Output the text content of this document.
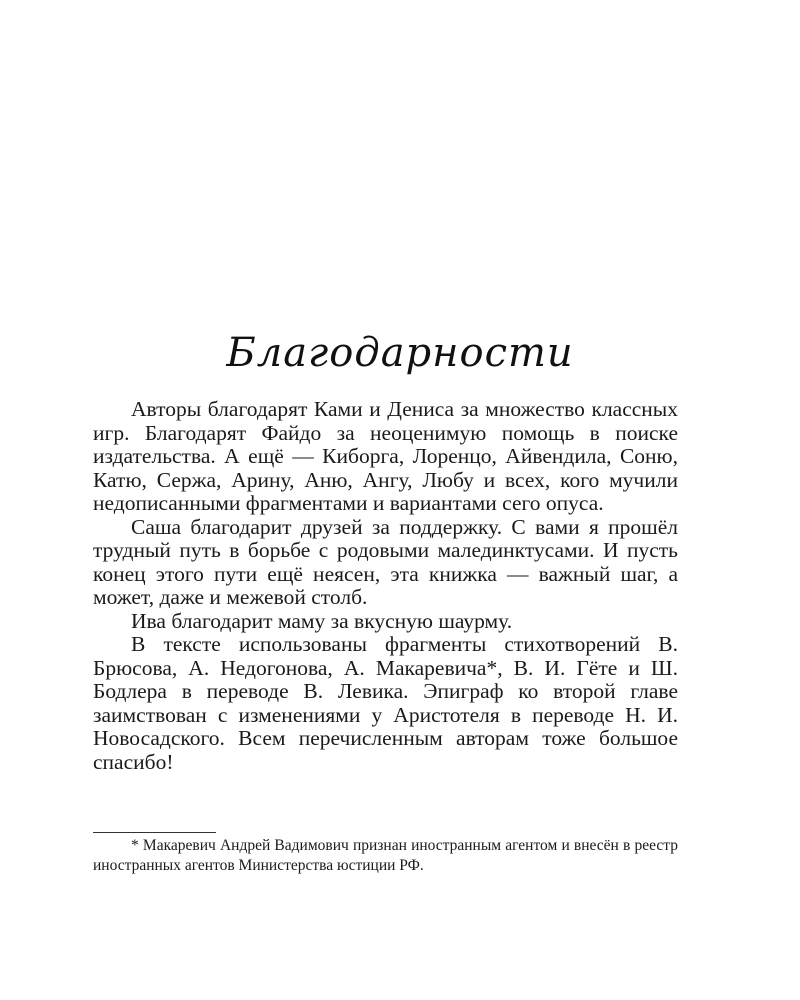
Благодарности

Авторы благодарят Ками и Дениса за множество классных игр. Благодарят Файдо за неоценимую помощь в поиске издательства. А ещё — Киборга, Лоренцо, Айвендила, Соню, Катю, Сержа, Арину, Аню, Ангу, Любу и всех, кого мучили недописанными фрагментами и вариантами сего опуса.

Саша благодарит друзей за поддержку. С вами я прошёл трудный путь в борьбе с родовыми малединктусами. И пусть конец этого пути ещё неясен, эта книжка — важный шаг, а может, даже и межевой столб.

Ива благодарит маму за вкусную шаурму.

В тексте использованы фрагменты стихотворений В. Брюсова, А. Недогонова, А. Макаревича*, В. И. Гёте и Ш. Бодлера в переводе В. Левика. Эпиграф ко второй главе заимствован с изменениями у Аристотеля в переводе Н. И. Новосадского. Всем перечисленным авторам тоже большое спасибо!

* Макаревич Андрей Вадимович признан иностранным агентом и внесён в реестр иностранных агентов Министерства юстиции РФ.
